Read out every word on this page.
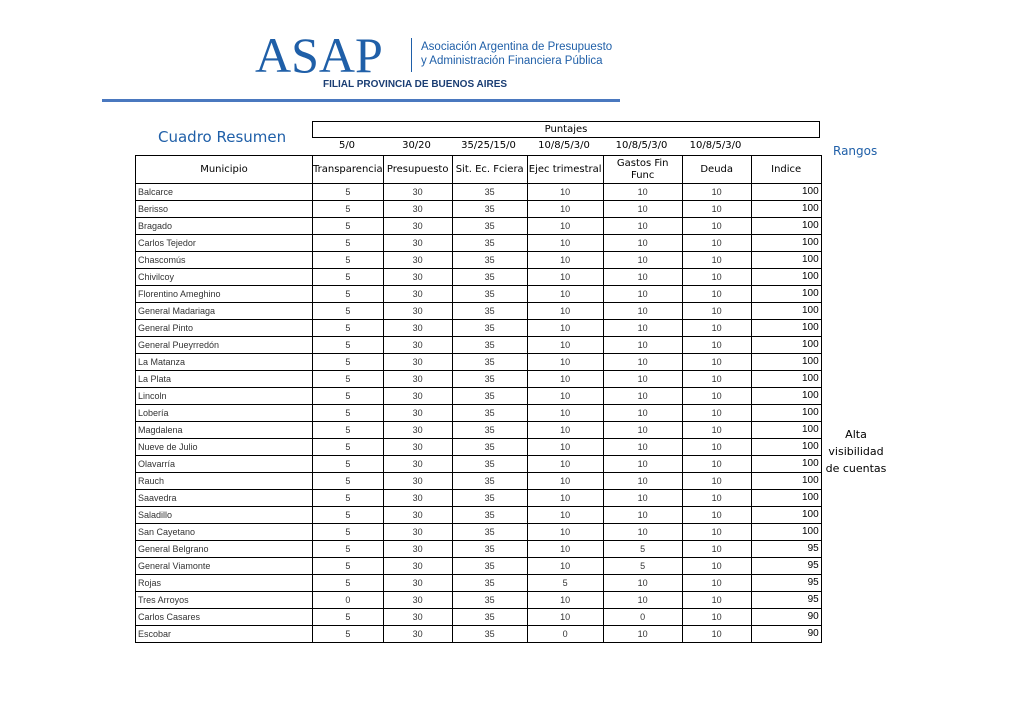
ASAP	Asociación Argentina de Presupuesto
y Administración Financiera Pública
FILIAL PROVINCIA DE BUENOS AIRES
Cuadro Resumen
Rangos
Puntajes
5/0	30/20	35/25/15/0	10/8/5/3/0	10/8/5/3/0	10/8/5/3/0
Municipio	Transparencia	Presupuesto	Sit. Ec. Fciera	Ejec trimestral	Gastos Fin Func	Deuda	Indice
Balcarce	5	30	35	10	10	10	100
Berisso	5	30	35	10	10	10	100
Bragado	5	30	35	10	10	10	100
Carlos Tejedor	5	30	35	10	10	10	100
Chascomús	5	30	35	10	10	10	100
Chivilcoy	5	30	35	10	10	10	100
Florentino Ameghino	5	30	35	10	10	10	100
General Madariaga	5	30	35	10	10	10	100
General Pinto	5	30	35	10	10	10	100
General Pueyrredón	5	30	35	10	10	10	100
La Matanza	5	30	35	10	10	10	100
La Plata	5	30	35	10	10	10	100
Lincoln	5	30	35	10	10	10	100
Lobería	5	30	35	10	10	10	100
Magdalena	5	30	35	10	10	10	100
Nueve de Julio	5	30	35	10	10	10	100
Olavarría	5	30	35	10	10	10	100
Rauch	5	30	35	10	10	10	100
Saavedra	5	30	35	10	10	10	100
Saladillo	5	30	35	10	10	10	100
San Cayetano	5	30	35	10	10	10	100
General Belgrano	5	30	35	10	5	10	95
General Viamonte	5	30	35	10	5	10	95
Rojas	5	30	35	5	10	10	95
Tres Arroyos	0	30	35	10	10	10	95
Carlos Casares	5	30	35	10	0	10	90
Escobar	5	30	35	0	10	10	90
Alta
visibilidad
de cuentas
